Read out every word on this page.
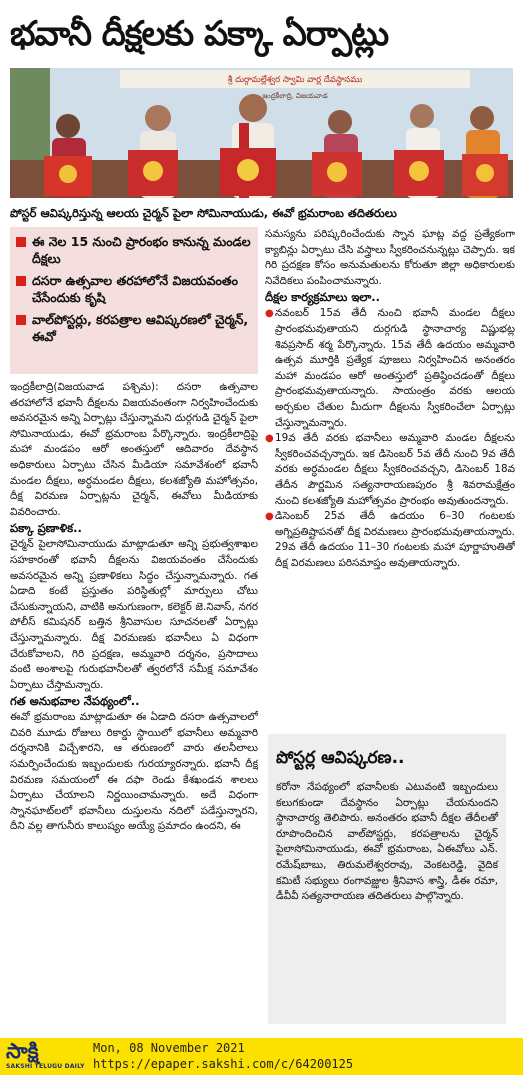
భవానీ దీక్షలకు పక్కా ఏర్పాట్లు
శ్రీ దుర్గామల్లేశ్వర స్వామి వార్ల దేవస్థానము
ఇంద్రకీలాద్రి, విజయవాడ
పోస్టర్ ఆవిష్కరిస్తున్న ఆలయ చైర్మన్ పైలా సోమినాయుడు, ఈవో భ్రమరాంబ తదితరులు
ఈ నెల 15 నుంచి ప్రారంభం కానున్న మండల దీక్షలు
దసరా ఉత్సవాల తరహాలోనే విజయవంతం చేసేందుకు కృషి
వాల్‌పోస్టర్లు, కరపత్రాల ఆవిష్కరణలో చైర్మన్, ఈవో

ఇంద్రకీలాద్రి(విజయవాడ పశ్చిమ): దసరా ఉత్సవాల తరహాలోనే భవానీ దీక్షలను విజయవంతంగా నిర్వహించేందుకు అవసరమైన అన్ని ఏర్పాట్లు చేస్తున్నామని దుర్గగుడి చైర్మన్ పైలా సోమినాయుడు, ఈవో భ్రమరాంబ పేర్కొన్నారు. ఇంద్రకీలాద్రిపై మహా మండపం ఆరో అంతస్తులో ఆదివారం దేవస్థాన అధికారులు ఏర్పాటు చేసిన మీడియా సమావేశంలో భవానీ మండల దీక్షలు, అర్ధమండల దీక్షలు, కలశజ్యోతి మహోత్సవం, దీక్ష విరమణ ఏర్పాట్లను చైర్మన్, ఈవోలు మీడియాకు వివరించారు.

పక్కా ప్రణాళిక..

చైర్మన్ పైలాసోమినాయుడు మాట్లాడుతూ అన్ని ప్రభుత్వశాఖల సహకారంతో భవానీ దీక్షలను విజయవంతం చేసేందుకు అవసరమైన అన్ని ప్రణాళికలు సిద్ధం చేస్తున్నామన్నారు. గత ఏడాది కంటే ప్రస్తుతం పరిస్థితుల్లో మార్పులు చోటు చేసుకున్నాయని, వాటికి అనుగుణంగా, కలెక్టర్ జె.నివాస్, నగర పోలీస్ కమిషనర్ బత్తిన శ్రీనివాసుల సూచనలతో ఏర్పాట్లు చేస్తున్నామన్నారు. దీక్ష విరమణకు భవానీలు ఏ విధంగా చేరుకోవాలని, గిరి ప్రదక్షణ, అమ్మవారి దర్శనం, ప్రసాదాలు వంటి అంశాలపై గురుభవానీలతో త్వరలోనే సమీక్ష సమావేశం ఏర్పాటు చేస్తామన్నారు.

గత అనుభవాల నేపథ్యంలో..

ఈవో భ్రమరాంబ మాట్లాడుతూ ఈ ఏడాది దసరా ఉత్సవాలలో చివరి మూడు రోజులు రికార్డు స్థాయిలో భవానీలు అమ్మవారి దర్శనానికి విచ్చేశారని, ఆ తరుణంలో వారు తలనీలాలు సమర్పించేందుకు ఇబ్బందులకు గురయ్యారన్నారు. భవానీ దీక్ష విరమణ సమయంలో ఈ దఫా రెండు కేశఖండన శాలలు ఏర్పాటు చేయాలని నిర్ణయించామన్నారు. అదే విధంగా స్నానఘాట్‌లలో భవానీలు దుస్తులను నదిలో పడేస్తున్నారని, దీని వల్ల తాగునీరు కాలుష్యం అయ్యే ప్రమాదం ఉందని, ఈ

సమస్యను పరిష్కరించేందుకు స్నాన ఘాట్ల వద్ద ప్రత్యేకంగా క్యాబిన్లు ఏర్పాటు చేసి వస్త్రాలు స్వీకరించనున్నట్లు చెప్పారు. ఇక గిరి ప్రదక్షణ కోసం అనుమతులను కోరుతూ జిల్లా అధికారులకు నివేదికలు పంపించామన్నారు.

దీక్షల కార్యక్రమాలు ఇలా..

● నవంబర్ 15వ తేదీ నుంచి భవానీ మండల దీక్షలు ప్రారంభమవుతాయని దుర్గగుడి స్థానాచార్య విష్ణుభట్ల శివప్రసాద్ శర్మ పేర్కొన్నారు. 15వ తేదీ ఉదయం అమ్మవారి ఉత్సవ మూర్తికి ప్రత్యేక పూజలు నిర్వహించిన అనంతరం మహా మండపం ఆరో అంతస్తులో ప్రతిష్ఠించడంతో దీక్షలు ప్రారంభమవుతాయన్నారు. సాయంత్రం వరకు ఆలయ అర్చకుల చేతుల మీదుగా దీక్షలను స్వీకరించేలా ఏర్పాట్లు చేస్తున్నామన్నారు.

● 19వ తేదీ వరకు భవానీలు అమ్మవారి మండల దీక్షలను స్వీకరించవచ్చన్నారు. ఇక డిసెంబర్ 5వ తేదీ నుంచి 9వ తేదీ వరకు అర్ధమండల దీక్షలు స్వీకరించవచ్చని, డిసెంబర్ 18వ తేదీన పౌర్ణమిన సత్యనారాయణపురం శ్రీ శివరామక్షేత్రం నుంచి కలశజ్యోతి మహోత్సవం ప్రారంభం అవుతుందన్నారు.

● డిసెంబర్ 25వ తేదీ ఉదయం 6–30 గంటలకు అగ్నిప్రతిష్టాపనతో దీక్ష విరమణలు ప్రారంభమవుతాయన్నారు. 29వ తేదీ ఉదయం 11–30 గంటలకు మహా పూర్ణాహుతితో దీక్ష విరమణలు పరిసమాప్తం అవుతాయన్నారు.

పోస్టర్ల ఆవిష్కరణ..
కరోనా నేపథ్యంలో భవానీలకు ఎటువంటి ఇబ్బందులు కలుగకుండా దేవస్థానం ఏర్పాట్లు చేయనుందని స్థానాచార్య తెలిపారు. అనంతరం భవానీ దీక్షల తేదీలతో రూపొందించిన వాల్‌పోస్టర్లు, కరపత్రాలను చైర్మన్ పైలాసోమినాయుడు, ఈవో భ్రమరాంబ, ఏఈవోలు ఎన్. రమేష్‌బాబు, తిరుమలేశ్వరరావు, వెంకటరెడ్డి, వైదిక కమిటీ సభ్యులు రంగావజ్ఝుల శ్రీనివాస శాస్త్రి, డీఈ రమా, డీవీవీ సత్యనారాయణ తదితరులు పాల్గొన్నారు.
సాక్షి
SAKSHI TELUGU DAILY
Mon, 08 November 2021
https://epaper.sakshi.com/c/64200125
